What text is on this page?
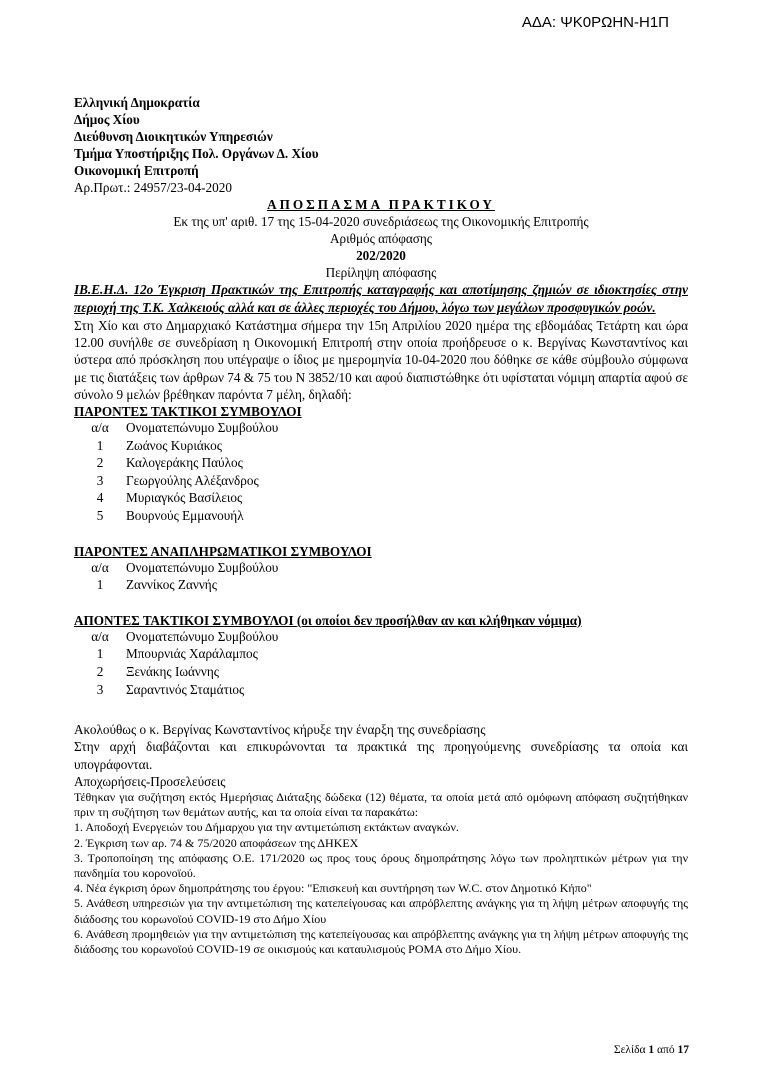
ΑΔΑ: ΨΚ0ΡΩΗΝ-Η1Π

Ελληνική Δημοκρατία

Δήμος Χίου

Διεύθυνση Διοικητικών Υπηρεσιών

Τμήμα Υποστήριξης Πολ. Οργάνων Δ. Χίου

Οικονομική Επιτροπή

Αρ.Πρωτ.: 24957/23-04-2020

ΑΠΟΣΠΑΣΜΑ ΠΡΑΚΤΙΚΟΥ

Εκ της υπ' αριθ. 17 της 15-04-2020 συνεδριάσεως της Οικονομικής Επιτροπής

Αριθμός απόφασης

202/2020

Περίληψη απόφασης

ΙΒ.Ε.Η.Δ. 12ο Έγκριση Πρακτικών της Επιτροπής καταγραφής και αποτίμησης ζημιών σε ιδιοκτησίες στην περιοχή της Τ.Κ. Χαλκειούς αλλά και σε άλλες περιοχές του Δήμου, λόγω των μεγάλων προσφυγικών ροών.

Στη Χίο και στο Δημαρχιακό Κατάστημα σήμερα την 15η Απριλίου 2020 ημέρα της εβδομάδας Τετάρτη και ώρα 12.00 συνήλθε σε συνεδρίαση η Οικονομική Επιτροπή στην οποία προήδρευσε ο κ. Βεργίνας Κωνσταντίνος και ύστερα από πρόσκληση που υπέγραψε ο ίδιος με ημερομηνία 10-04-2020 που δόθηκε σε κάθε σύμβουλο σύμφωνα με τις διατάξεις των άρθρων 74 & 75 του Ν 3852/10 και αφού διαπιστώθηκε ότι υφίσταται νόμιμη απαρτία αφού σε σύνολο 9 μελών βρέθηκαν παρόντα 7 μέλη, δηλαδή:

ΠΑΡΟΝΤΕΣ ΤΑΚΤΙΚΟΙ ΣΥΜΒΟΥΛΟΙ
α/α	Ονοματεπώνυμο Συμβούλου
1	Ζωάνος Κυριάκος
2	Καλογεράκης Παύλος
3	Γεωργούλης Αλέξανδρος
4	Μυριαγκός Βασίλειος
5	Βουρνούς Εμμανουήλ
ΠΑΡΟΝΤΕΣ ΑΝΑΠΛΗΡΩΜΑΤΙΚΟΙ ΣΥΜΒΟΥΛΟΙ
α/α	Ονοματεπώνυμο Συμβούλου
1	Ζαννίκος Ζαννής
ΑΠΟΝΤΕΣ ΤΑΚΤΙΚΟΙ ΣΥΜΒΟΥΛΟΙ (οι οποίοι δεν προσήλθαν αν και κλήθηκαν νόμιμα)
α/α	Ονοματεπώνυμο Συμβούλου
1	Μπουρνιάς Χαράλαμπος
2	Ξενάκης Ιωάννης
3	Σαραντινός Σταμάτιος

Ακολούθως ο κ. Βεργίνας Κωνσταντίνος κήρυξε την έναρξη της συνεδρίασης

Στην αρχή διαβάζονται και επικυρώνονται τα πρακτικά της προηγούμενης συνεδρίασης τα οποία και υπογράφονται.

Αποχωρήσεις-Προσελεύσεις

Τέθηκαν για συζήτηση εκτός Ημερήσιας Διάταξης δώδεκα (12) θέματα, τα οποία μετά από ομόφωνη απόφαση συζητήθηκαν πριν τη συζήτηση των θεμάτων αυτής, και τα οποία είναι τα παρακάτω:

1. Αποδοχή Ενεργειών του Δήμαρχου για την αντιμετώπιση εκτάκτων αναγκών.

2. Έγκριση των αρ. 74 & 75/2020 αποφάσεων της ΔΗΚΕΧ

3. Τροποποίηση της απόφασης Ο.Ε. 171/2020 ως προς τους όρους δημοπράτησης λόγω των προληπτικών μέτρων για την πανδημία του κορονοϊού.

4. Νέα έγκριση όρων δημοπράτησης του έργου: "Επισκευή και συντήρηση των W.C. στον Δημοτικό Κήπο"

5. Ανάθεση υπηρεσιών για την αντιμετώπιση της κατεπείγουσας και απρόβλεπτης ανάγκης για τη λήψη μέτρων αποφυγής της διάδοσης του κορωνοϊού COVID-19 στο Δήμο Χίου

6. Ανάθεση προμηθειών για την αντιμετώπιση της κατεπείγουσας και απρόβλεπτης ανάγκης για τη λήψη μέτρων αποφυγής της διάδοσης του κορωνοϊού COVID-19 σε οικισμούς και καταυλισμούς ΡΟΜΑ στο Δήμο Χίου.

Σελίδα 1 από 17
